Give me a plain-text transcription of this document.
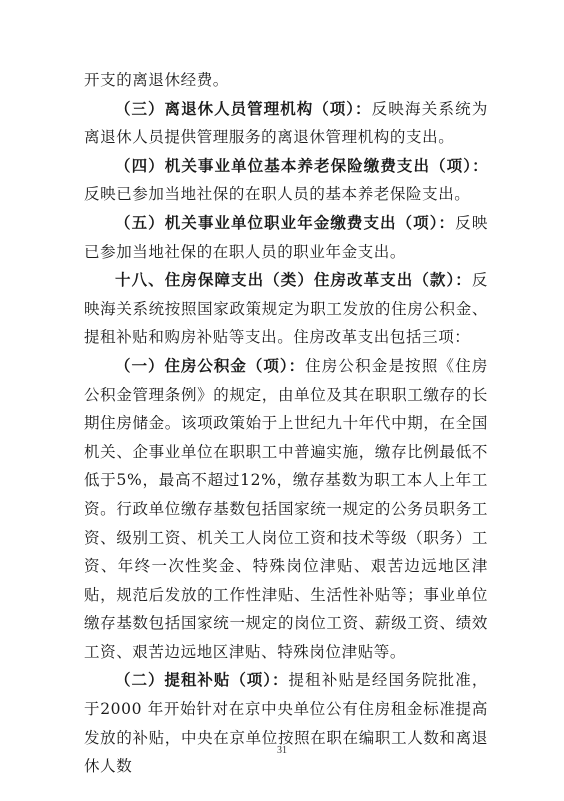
开支的离退休经费。

（三）离退休人员管理机构（项）：反映海关系统为离退休人员提供管理服务的离退休管理机构的支出。

（四）机关事业单位基本养老保险缴费支出（项）：反映已参加当地社保的在职人员的基本养老保险支出。

（五）机关事业单位职业年金缴费支出（项）：反映已参加当地社保的在职人员的职业年金支出。

十八、住房保障支出（类）住房改革支出（款）：反映海关系统按照国家政策规定为职工发放的住房公积金、提租补贴和购房补贴等支出。住房改革支出包括三项：

（一）住房公积金（项）：住房公积金是按照《住房公积金管理条例》的规定，由单位及其在职职工缴存的长期住房储金。该项政策始于上世纪九十年代中期，在全国机关、企事业单位在职职工中普遍实施，缴存比例最低不低于5%，最高不超过12%，缴存基数为职工本人上年工资。行政单位缴存基数包括国家统一规定的公务员职务工资、级别工资、机关工人岗位工资和技术等级（职务）工资、年终一次性奖金、特殊岗位津贴、艰苦边远地区津贴，规范后发放的工作性津贴、生活性补贴等；事业单位缴存基数包括国家统一规定的岗位工资、薪级工资、绩效工资、艰苦边远地区津贴、特殊岗位津贴等。

（二）提租补贴（项）：提租补贴是经国务院批准，于2000 年开始针对在京中央单位公有住房租金标准提高发放的补贴，中央在京单位按照在职在编职工人数和离退休人数

31
